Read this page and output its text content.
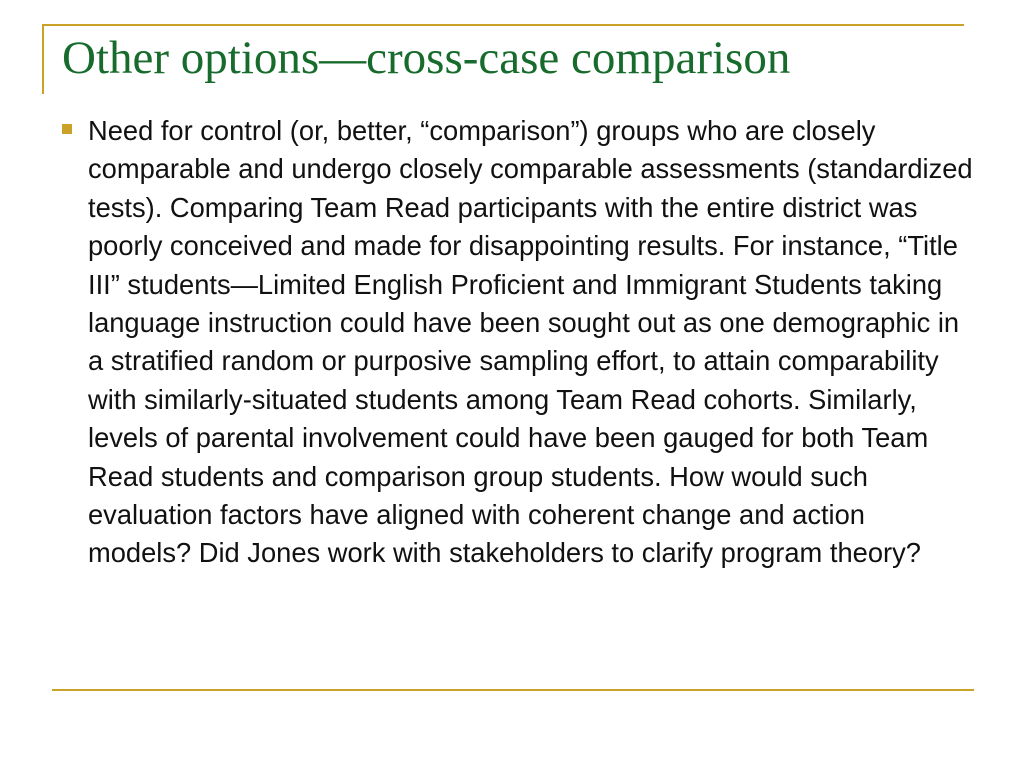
Other options—cross-case comparison
Need for control (or, better, “comparison”) groups who are closely comparable and undergo closely comparable assessments (standardized tests). Comparing Team Read participants with the entire district was poorly conceived and made for disappointing results. For instance, “Title III” students—Limited English Proficient and Immigrant Students taking language instruction could have been sought out as one demographic in a stratified random or purposive sampling effort, to attain comparability with similarly-situated students among Team Read cohorts. Similarly, levels of parental involvement could have been gauged for both Team Read students and comparison group students. How would such evaluation factors have aligned with coherent change and action models? Did Jones work with stakeholders to clarify program theory?
